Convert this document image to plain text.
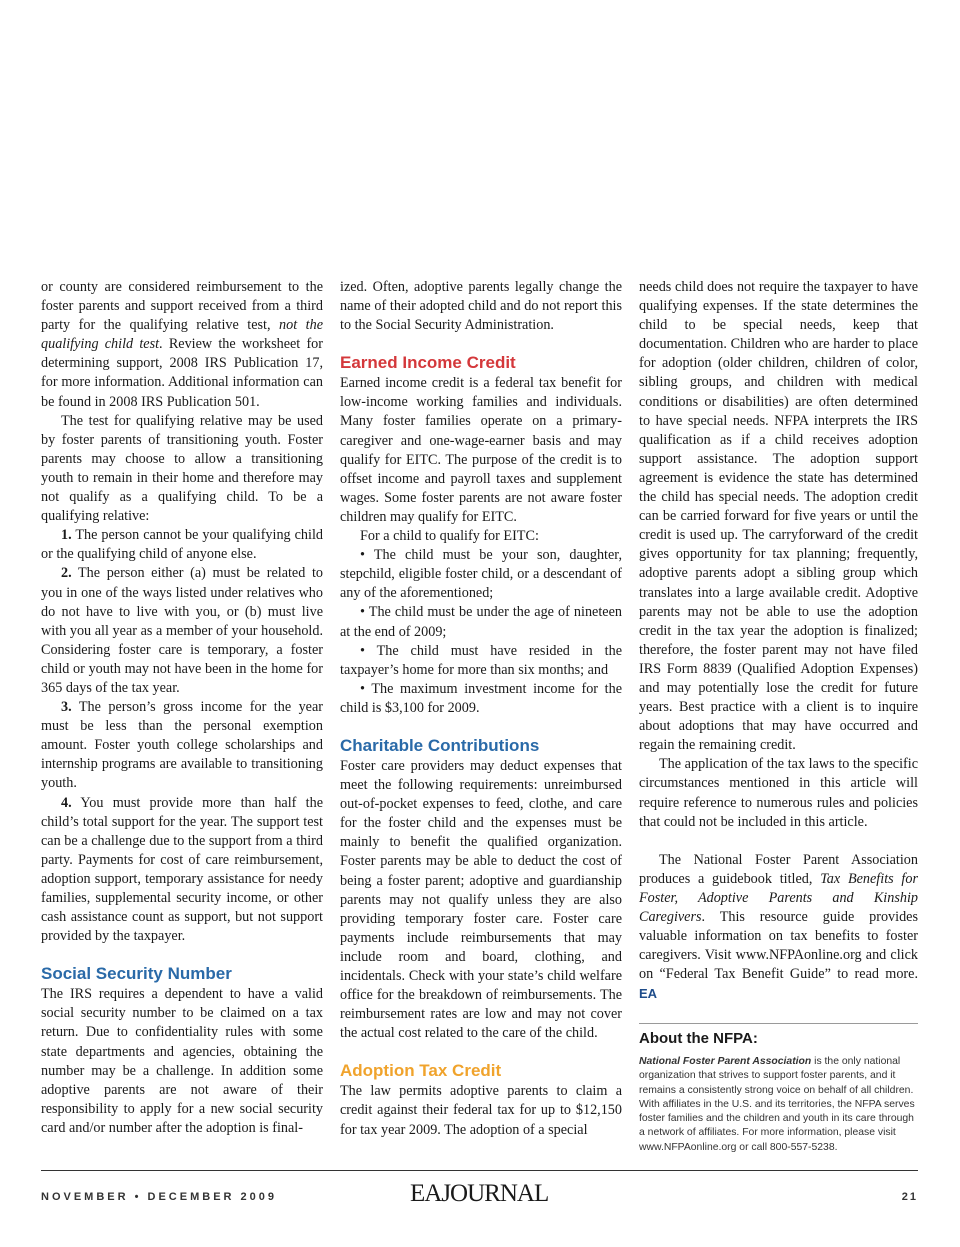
or county are considered reimbursement to the foster parents and support received from a third party for the qualifying relative test, not the qualifying child test. Review the worksheet for determining support, 2008 IRS Publication 17, for more information. Additional information can be found in 2008 IRS Publication 501.

The test for qualifying relative may be used by foster parents of transitioning youth. Foster parents may choose to allow a transitioning youth to remain in their home and therefore may not qualify as a qualifying child. To be a qualifying relative:

1. The person cannot be your qualifying child or the qualifying child of anyone else.

2. The person either (a) must be related to you in one of the ways listed under relatives who do not have to live with you, or (b) must live with you all year as a member of your household. Considering foster care is temporary, a foster child or youth may not have been in the home for 365 days of the tax year.

3. The person’s gross income for the year must be less than the personal exemption amount. Foster youth college scholarships and internship programs are available to transitioning youth.

4. You must provide more than half the child’s total support for the year. The support test can be a challenge due to the support from a third party. Payments for cost of care reimbursement, adoption support, temporary assistance for needy families, supplemental security income, or other cash assistance count as support, but not support provided by the taxpayer.

Social Security Number

The IRS requires a dependent to have a valid social security number to be claimed on a tax return. Due to confidentiality rules with some state departments and agencies, obtaining the number may be a challenge. In addition some adoptive parents are not aware of their responsibility to apply for a new social security card and/or number after the adoption is final-

ized. Often, adoptive parents legally change the name of their adopted child and do not report this to the Social Security Administration.

Earned Income Credit

Earned income credit is a federal tax benefit for low-income working families and individuals. Many foster families operate on a primary-caregiver and one-wage-earner basis and may qualify for EITC. The purpose of the credit is to offset income and payroll taxes and supplement wages. Some foster parents are not aware foster children may qualify for EITC.

For a child to qualify for EITC:

• The child must be your son, daughter, stepchild, eligible foster child, or a descendant of any of the aforementioned;

• The child must be under the age of nineteen at the end of 2009;

• The child must have resided in the taxpayer’s home for more than six months; and

• The maximum investment income for the child is $3,100 for 2009.

Charitable Contributions

Foster care providers may deduct expenses that meet the following requirements: unreimbursed out-of-pocket expenses to feed, clothe, and care for the foster child and the expenses must be mainly to benefit the qualified organization. Foster parents may be able to deduct the cost of being a foster parent; adoptive and guardianship parents may not qualify unless they are also providing temporary foster care. Foster care payments include reimbursements that may include room and board, clothing, and incidentals. Check with your state’s child welfare office for the breakdown of reimbursements. The reimbursement rates are low and may not cover the actual cost related to the care of the child.

Adoption Tax Credit

The law permits adoptive parents to claim a credit against their federal tax for up to $12,150 for tax year 2009. The adoption of a special

needs child does not require the taxpayer to have qualifying expenses. If the state determines the child to be special needs, keep that documentation. Children who are harder to place for adoption (older children, children of color, sibling groups, and children with medical conditions or disabilities) are often determined to have special needs. NFPA interprets the IRS qualification as if a child receives adoption support assistance. The adoption support agreement is evidence the state has determined the child has special needs. The adoption credit can be carried forward for five years or until the credit is used up. The carryforward of the credit gives opportunity for tax planning; frequently, adoptive parents adopt a sibling group which translates into a large available credit. Adoptive parents may not be able to use the adoption credit in the tax year the adoption is finalized; therefore, the foster parent may not have filed IRS Form 8839 (Qualified Adoption Expenses) and may potentially lose the credit for future years. Best practice with a client is to inquire about adoptions that may have occurred and regain the remaining credit.

The application of the tax laws to the specific circumstances mentioned in this article will require reference to numerous rules and policies that could not be included in this article.

The National Foster Parent Association produces a guidebook titled, Tax Benefits for Foster, Adoptive Parents and Kinship Caregivers. This resource guide provides valuable information on tax benefits to foster caregivers. Visit www.NFPAonline.org and click on “Federal Tax Benefit Guide” to read more. EA

About the NFPA:

National Foster Parent Association is the only national organization that strives to support foster parents, and it remains a consistently strong voice on behalf of all children. With affiliates in the U.S. and its territories, the NFPA serves foster families and the children and youth in its care through a network of affiliates. For more information, please visit www.NFPAonline.org or call 800-557-5238.

NOVEMBER • DECEMBER 2009	EAJOURNAL	21
